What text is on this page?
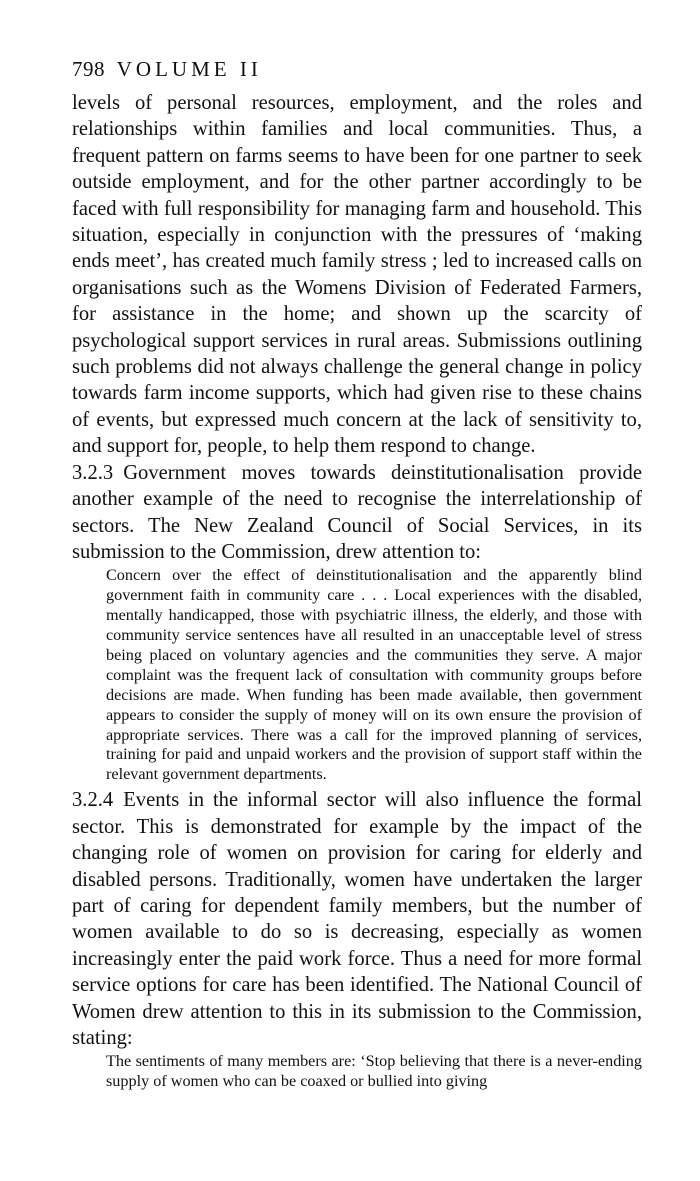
798 VOLUME II

levels of personal resources, employment, and the roles and relationships within families and local communities. Thus, a frequent pattern on farms seems to have been for one partner to seek outside employment, and for the other partner accordingly to be faced with full responsibility for managing farm and household. This situation, especially in conjunction with the pressures of ‘making ends meet’, has created much family stress ; led to increased calls on organisations such as the Womens Division of Federated Farmers, for assistance in the home; and shown up the scarcity of psychological support services in rural areas. Submissions outlining such problems did not always challenge the general change in policy towards farm income supports, which had given rise to these chains of events, but expressed much concern at the lack of sensitivity to, and support for, people, to help them respond to change.

3.2.3 Government moves towards deinstitutionalisation provide another example of the need to recognise the interrelationship of sectors. The New Zealand Council of Social Services, in its submission to the Commission, drew attention to:

Concern over the effect of deinstitutionalisation and the apparently blind government faith in community care . . . Local experiences with the disabled, mentally handicapped, those with psychiatric illness, the elderly, and those with community service sentences have all resulted in an unacceptable level of stress being placed on voluntary agencies and the communities they serve. A major complaint was the frequent lack of consultation with community groups before decisions are made. When funding has been made available, then government appears to consider the supply of money will on its own ensure the provision of appropriate services. There was a call for the improved planning of services, training for paid and unpaid workers and the provision of support staff within the relevant government departments.

3.2.4 Events in the informal sector will also influence the formal sector. This is demonstrated for example by the impact of the changing role of women on provision for caring for elderly and disabled persons. Traditionally, women have undertaken the larger part of caring for dependent family members, but the number of women available to do so is decreasing, especially as women increasingly enter the paid work force. Thus a need for more formal service options for care has been identified. The National Council of Women drew attention to this in its submission to the Commission, stating:

The sentiments of many members are: ‘Stop believing that there is a never-ending supply of women who can be coaxed or bullied into giving
